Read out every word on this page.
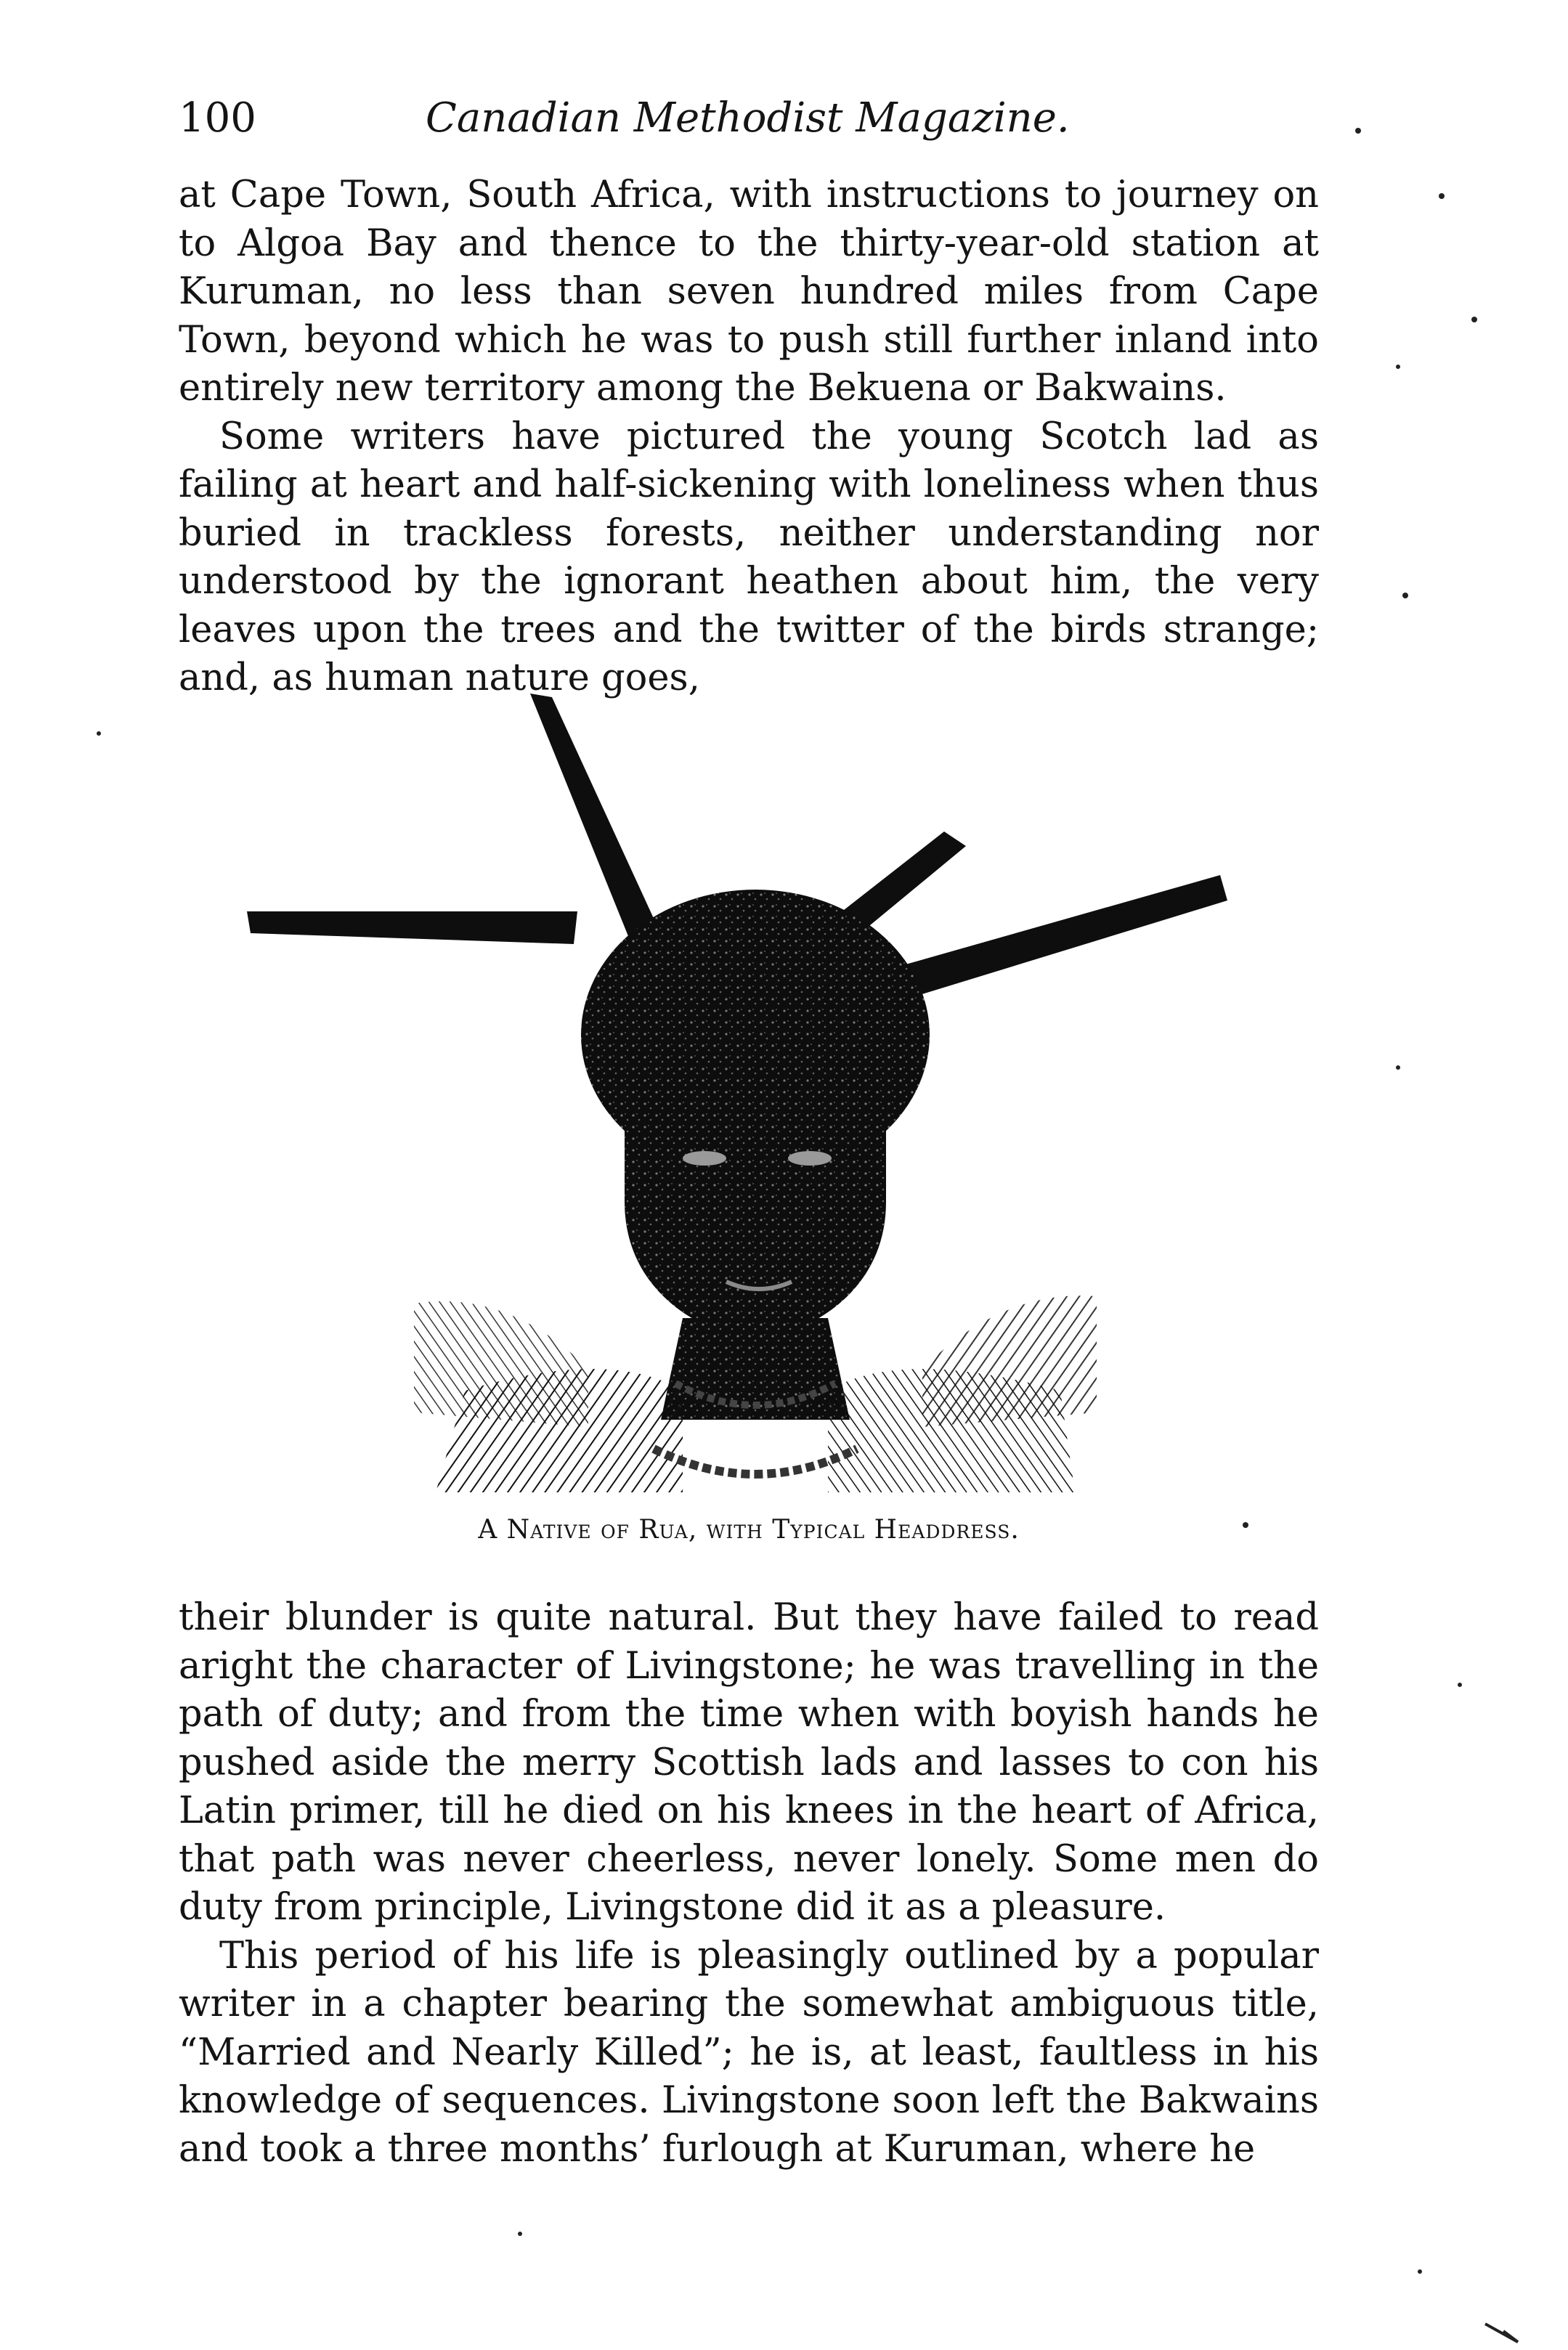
100	Canadian Methodist Magazine.

at Cape Town, South Africa, with instructions to journey on to Algoa Bay and thence to the thirty-year-old station at Kuruman, no less than seven hundred miles from Cape Town, beyond which he was to push still further inland into entirely new territory among the Bekuena or Bakwains.

Some writers have pictured the young Scotch lad as failing at heart and half-sickening with loneliness when thus buried in trackless forests, neither understanding nor understood by the ignorant heathen about him, the very leaves upon the trees and the twitter of the birds strange; and, as human nature goes,

A Native of Rua, with Typical Headdress.

their blunder is quite natural. But they have failed to read aright the character of Livingstone; he was travelling in the path of duty; and from the time when with boyish hands he pushed aside the merry Scottish lads and lasses to con his Latin primer, till he died on his knees in the heart of Africa, that path was never cheerless, never lonely. Some men do duty from principle, Livingstone did it as a pleasure.

This period of his life is pleasingly outlined by a popular writer in a chapter bearing the somewhat ambiguous title, “Married and Nearly Killed”; he is, at least, faultless in his knowledge of sequences. Livingstone soon left the Bakwains and took a three months’ furlough at Kuruman, where he
